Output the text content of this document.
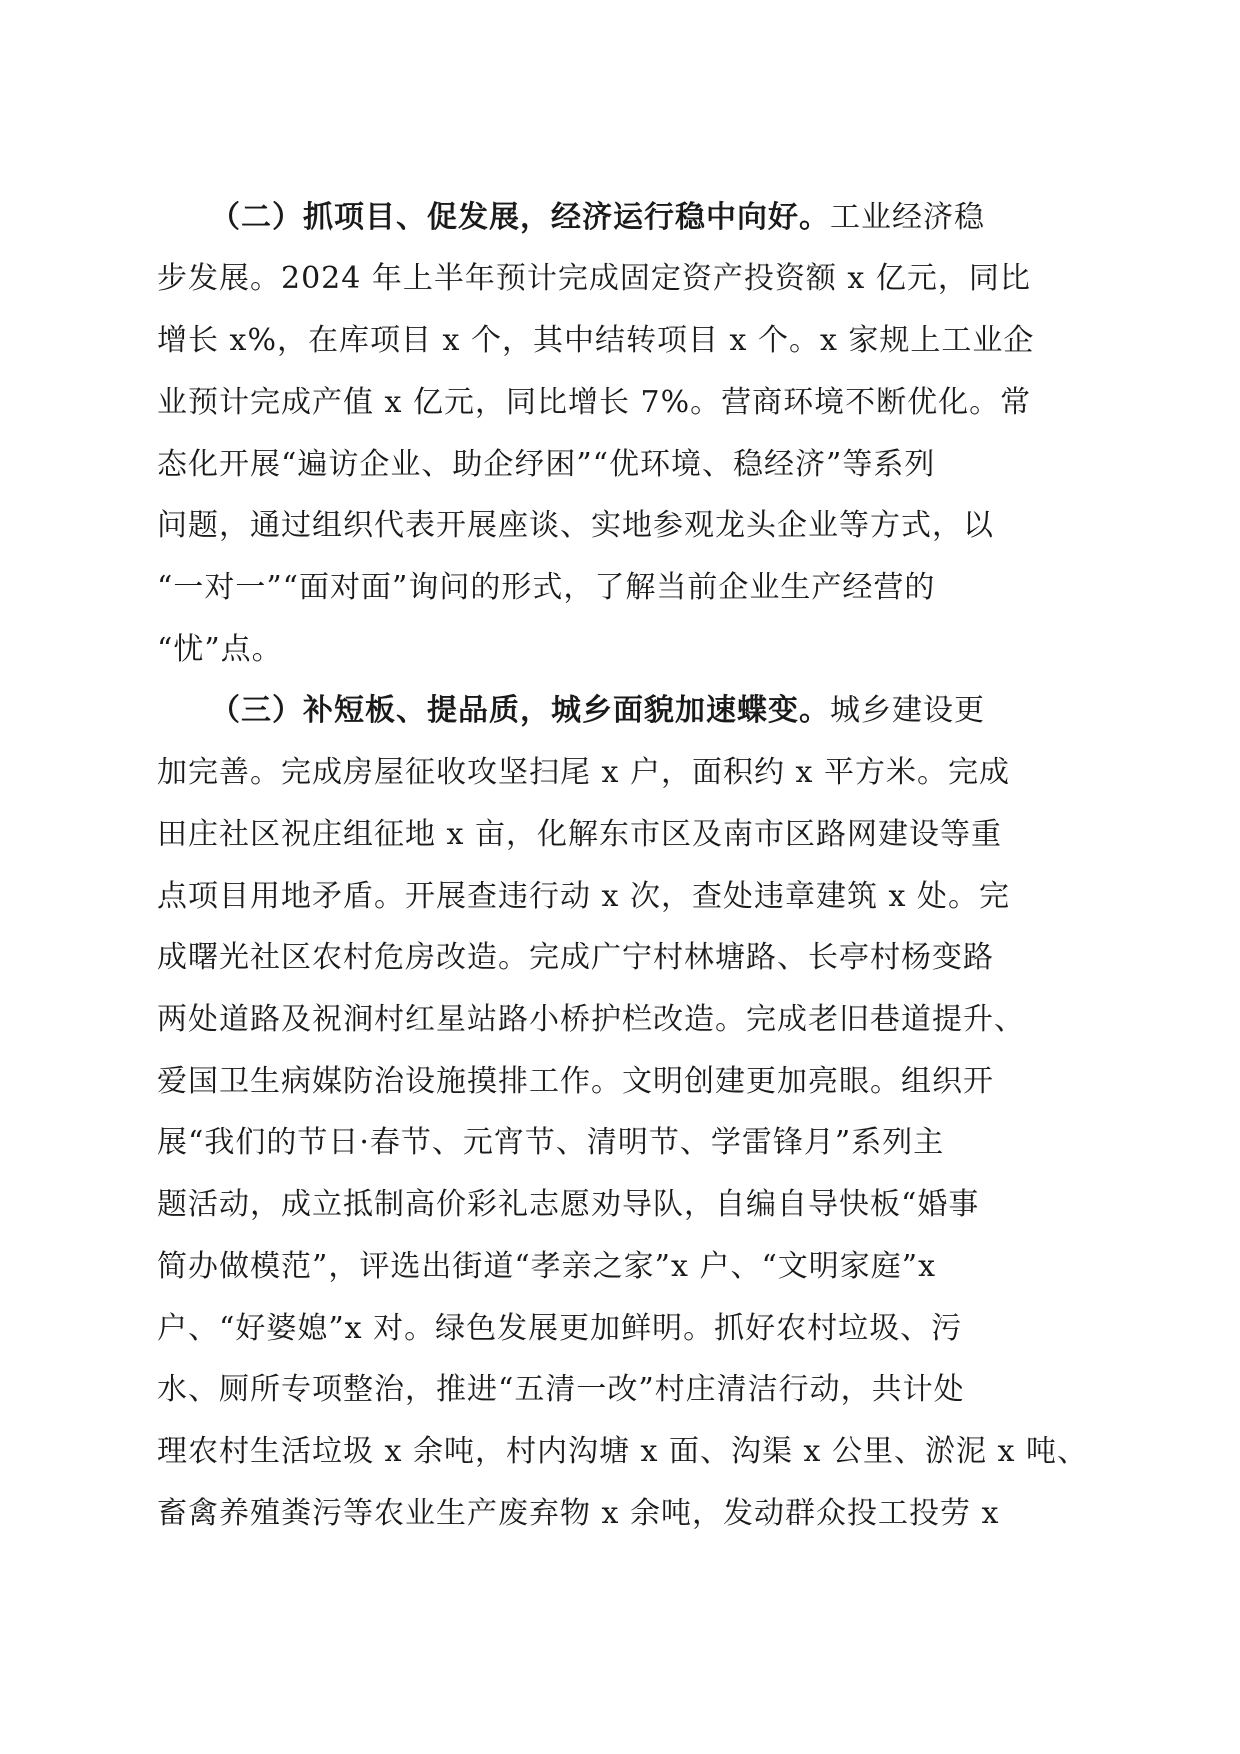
（二）抓项目、促发展，经济运行稳中向好。工业经济稳
步发展。2024 年上半年预计完成固定资产投资额 x 亿元，同比
增长 x%，在库项目 x 个，其中结转项目 x 个。x 家规上工业企
业预计完成产值 x 亿元，同比增长 7%。营商环境不断优化。常
态化开展“遍访企业、助企纾困”“优环境、稳经济”等系列
问题，通过组织代表开展座谈、实地参观龙头企业等方式，以
“一对一”“面对面”询问的形式，了解当前企业生产经营的
“忧”点。
（三）补短板、提品质，城乡面貌加速蝶变。城乡建设更
加完善。完成房屋征收攻坚扫尾 x 户，面积约 x 平方米。完成
田庄社区祝庄组征地 x 亩，化解东市区及南市区路网建设等重
点项目用地矛盾。开展查违行动 x 次，查处违章建筑 x 处。完
成曙光社区农村危房改造。完成广宁村林塘路、长亭村杨变路
两处道路及祝涧村红星站路小桥护栏改造。完成老旧巷道提升、
爱国卫生病媒防治设施摸排工作。文明创建更加亮眼。组织开
展“我们的节日·春节、元宵节、清明节、学雷锋月”系列主
题活动，成立抵制高价彩礼志愿劝导队，自编自导快板“婚事
简办做模范”，评选出街道“孝亲之家”x 户、“文明家庭”x
户、“好婆媳”x 对。绿色发展更加鲜明。抓好农村垃圾、污
水、厕所专项整治，推进“五清一改”村庄清洁行动，共计处
理农村生活垃圾 x 余吨，村内沟塘 x 面、沟渠 x 公里、淤泥 x 吨、
畜禽养殖粪污等农业生产废弃物 x 余吨，发动群众投工投劳 x
